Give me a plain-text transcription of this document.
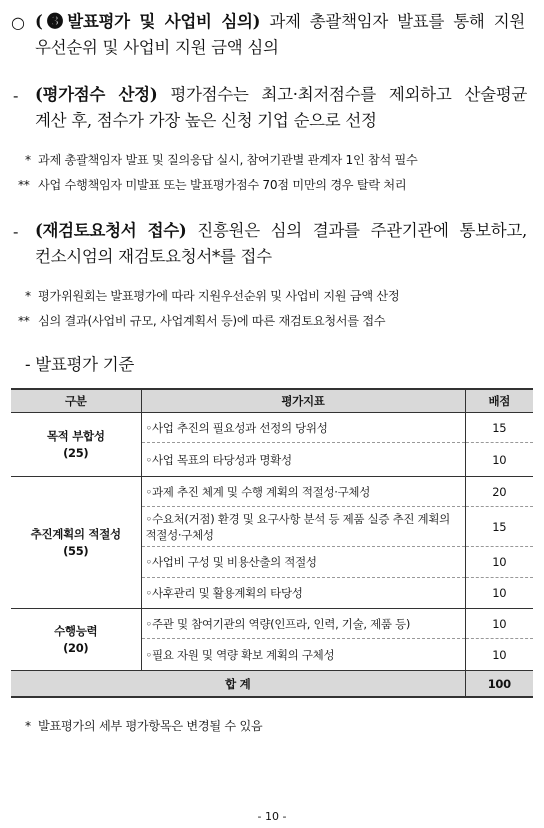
○ (❸발표평가 및 사업비 심의) 과제 총괄책임자 발표를 통해 지원
우선순위 및 사업비 지원 금액 심의
- (평가점수 산정) 평가점수는 최고·최저점수를 제외하고 산술평균
계산 후, 점수가 가장 높은 신청 기업 순으로 선정
* 과제 총괄책임자 발표 및 질의응답 실시, 참여기관별 관계자 1인 참석 필수
** 사업 수행책임자 미발표 또는 발표평가점수 70점 미만의 경우 탈락 처리
- (재검토요청서 접수) 진흥원은 심의 결과를 주관기관에 통보하고,
컨소시엄의 재검토요청서*를 접수
* 평가위원회는 발표평가에 따라 지원우선순위 및 사업비 지원 금액 산정
** 심의 결과(사업비 규모, 사업계획서 등)에 따른 재검토요청서를 접수
- 발표평가 기준
구분	평가지표	배점

목적 부합성
(25)	◦사업 추진의 필요성과 선정의 당위성	15
	◦사업 목표의 타당성과 명확성	10

추진계획의 적절성
(55)	◦과제 추진 체계 및 수행 계획의 적절성·구체성	20
	◦수요처(거점) 환경 및 요구사항 분석 등 제품 실증 추진 계획의 적절성·구체성	15
	◦사업비 구성 및 비용산출의 적절성	10
	◦사후관리 및 활용계획의 타당성	10

수행능력
(20)	◦주관 및 참여기관의 역량(인프라, 인력, 기술, 제품 등)	10
	◦필요 자원 및 역량 확보 계획의 구체성	10
합 계		100
* 발표평가의 세부 평가항목은 변경될 수 있음
- 10 -
